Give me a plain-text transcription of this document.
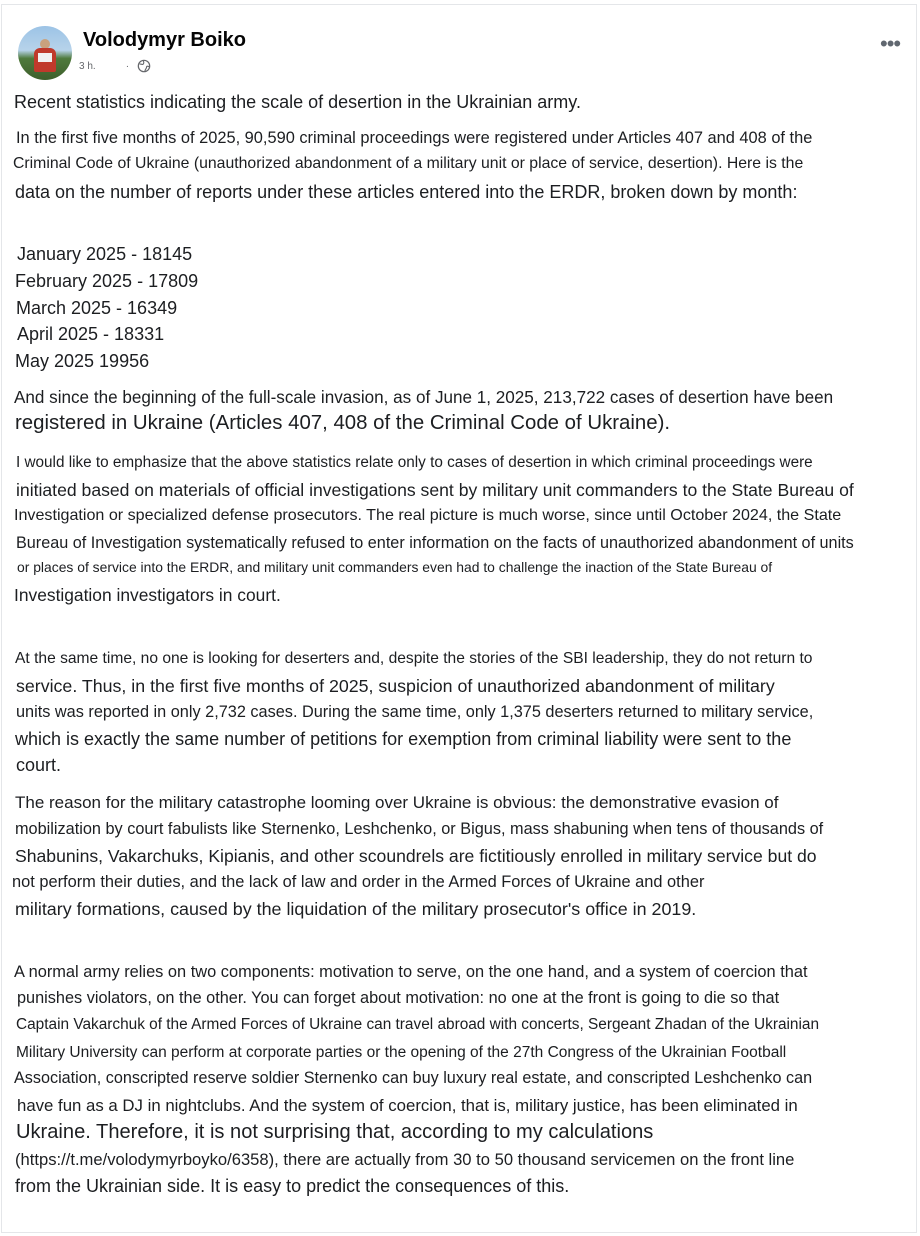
Volodymyr Boiko
3 h.	·
•••
Recent statistics indicating the scale of desertion in the Ukrainian army.
In the first five months of 2025, 90,590 criminal proceedings were registered under Articles 407 and 408 of the
Criminal Code of Ukraine (unauthorized abandonment of a military unit or place of service, desertion). Here is the
data on the number of reports under these articles entered into the ERDR, broken down by month:
January 2025 - 18145
February 2025 - 17809
March 2025 - 16349
April 2025 - 18331
May 2025 19956
And since the beginning of the full-scale invasion, as of June 1, 2025, 213,722 cases of desertion have been
registered in Ukraine (Articles 407, 408 of the Criminal Code of Ukraine).
I would like to emphasize that the above statistics relate only to cases of desertion in which criminal proceedings were
initiated based on materials of official investigations sent by military unit commanders to the State Bureau of
Investigation or specialized defense prosecutors. The real picture is much worse, since until October 2024, the State
Bureau of Investigation systematically refused to enter information on the facts of unauthorized abandonment of units
or places of service into the ERDR, and military unit commanders even had to challenge the inaction of the State Bureau of
Investigation investigators in court.
At the same time, no one is looking for deserters and, despite the stories of the SBI leadership, they do not return to
service. Thus, in the first five months of 2025, suspicion of unauthorized abandonment of military
units was reported in only 2,732 cases. During the same time, only 1,375 deserters returned to military service,
which is exactly the same number of petitions for exemption from criminal liability were sent to the
court.
The reason for the military catastrophe looming over Ukraine is obvious: the demonstrative evasion of
mobilization by court fabulists like Sternenko, Leshchenko, or Bigus, mass shabuning when tens of thousands of
Shabunins, Vakarchuks, Kipianis, and other scoundrels are fictitiously enrolled in military service but do
not perform their duties, and the lack of law and order in the Armed Forces of Ukraine and other
military formations, caused by the liquidation of the military prosecutor's office in 2019.
A normal army relies on two components: motivation to serve, on the one hand, and a system of coercion that
punishes violators, on the other. You can forget about motivation: no one at the front is going to die so that
Captain Vakarchuk of the Armed Forces of Ukraine can travel abroad with concerts, Sergeant Zhadan of the Ukrainian
Military University can perform at corporate parties or the opening of the 27th Congress of the Ukrainian Football
Association, conscripted reserve soldier Sternenko can buy luxury real estate, and conscripted Leshchenko can
have fun as a DJ in nightclubs. And the system of coercion, that is, military justice, has been eliminated in
Ukraine. Therefore, it is not surprising that, according to my calculations
(https://t.me/volodymyrboyko/6358), there are actually from 30 to 50 thousand servicemen on the front line
from the Ukrainian side. It is easy to predict the consequences of this.
